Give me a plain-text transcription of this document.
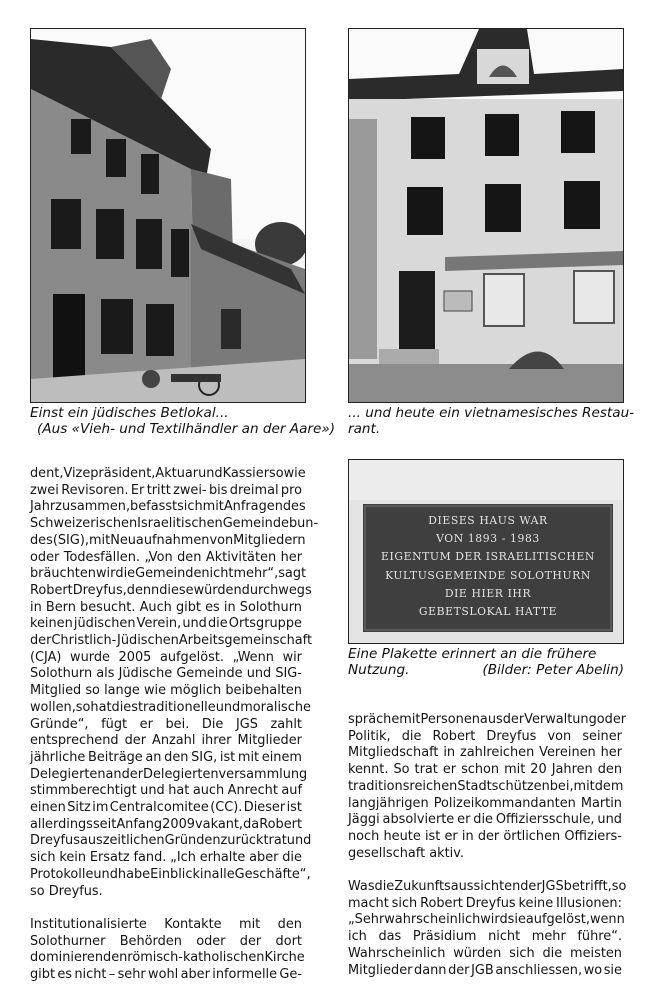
Einst ein jüdisches Betlokal...
(Aus «Vieh- und Textilhändler an der Aare»)
... und heute ein vietnamesisches Restau-
rant.
DIESES HAUS WAR
VON 1893 - 1983
EIGENTUM DER ISRAELITISCHEN
KULTUSGEMEINDE SOLOTHURN
DIE HIER IHR
GEBETSLOKAL HATTE
Eine Plakette erinnert an die frühere
Nutzung.	(Bilder: Peter Abelin)
dent, Vizepräsident, Aktuar und Kassier sowie
zwei Revisoren. Er tritt zwei- bis dreimal pro
Jahr zusammen, befasst sich mit Anfragen des
Schweizerischen Israelitischen Gemeindebun-
des (SIG), mit Neuaufnahmen von Mitgliedern
oder Todesfällen. „Von den Aktivitäten her
bräuchten wir die Gemeinde nicht mehr“, sagt
Robert Dreyfus, denn diese würden durchwegs
in Bern besucht. Auch gibt es in Solothurn
keinen jüdischen Verein, und die Ortsgruppe
der Christlich-Jüdischen Arbeitsgemeinschaft
(CJA) wurde 2005 aufgelöst. „Wenn wir
Solothurn als Jüdische Gemeinde und SIG-
Mitglied so lange wie möglich beibehalten
wollen, so hat dies traditionelle und moralische
Gründe“, fügt er bei. Die JGS zahlt
entsprechend der Anzahl ihrer Mitglieder
jährliche Beiträge an den SIG, ist mit einem
Delegierten an der Delegiertenversammlung
stimmberechtigt und hat auch Anrecht auf
einen Sitz im Centralcomitee (CC). Dieser ist
allerdings seit Anfang 2009 vakant, da Robert
Dreyfus aus zeitlichen Gründen zurücktrat und
sich kein Ersatz fand. „Ich erhalte aber die
Protokolle und habe Einblick in alle Geschäfte“,
so Dreyfus.
Institutionalisierte Kontakte mit den
Solothurner Behörden oder der dort
dominierenden römisch-katholischen Kirche
gibt es nicht – sehr wohl aber informelle Ge-
spräche mit Personen aus der Verwaltung oder
Politik, die Robert Dreyfus von seiner
Mitgliedschaft in zahlreichen Vereinen her
kennt. So trat er schon mit 20 Jahren den
traditionsreichen Stadtschützen bei, mit dem
langjährigen Polizeikommandanten Martin
Jäggi absolvierte er die Offiziersschule, und
noch heute ist er in der örtlichen Offiziers-
gesellschaft aktiv.
Was die Zukunftsaussichten der JGS betrifft, so
macht sich Robert Dreyfus keine Illusionen:
„Sehr wahrscheinlich wird sie aufgelöst, wenn
ich das Präsidium nicht mehr führe“.
Wahrscheinlich würden sich die meisten
Mitglieder dann der JGB anschliessen, wo sie
